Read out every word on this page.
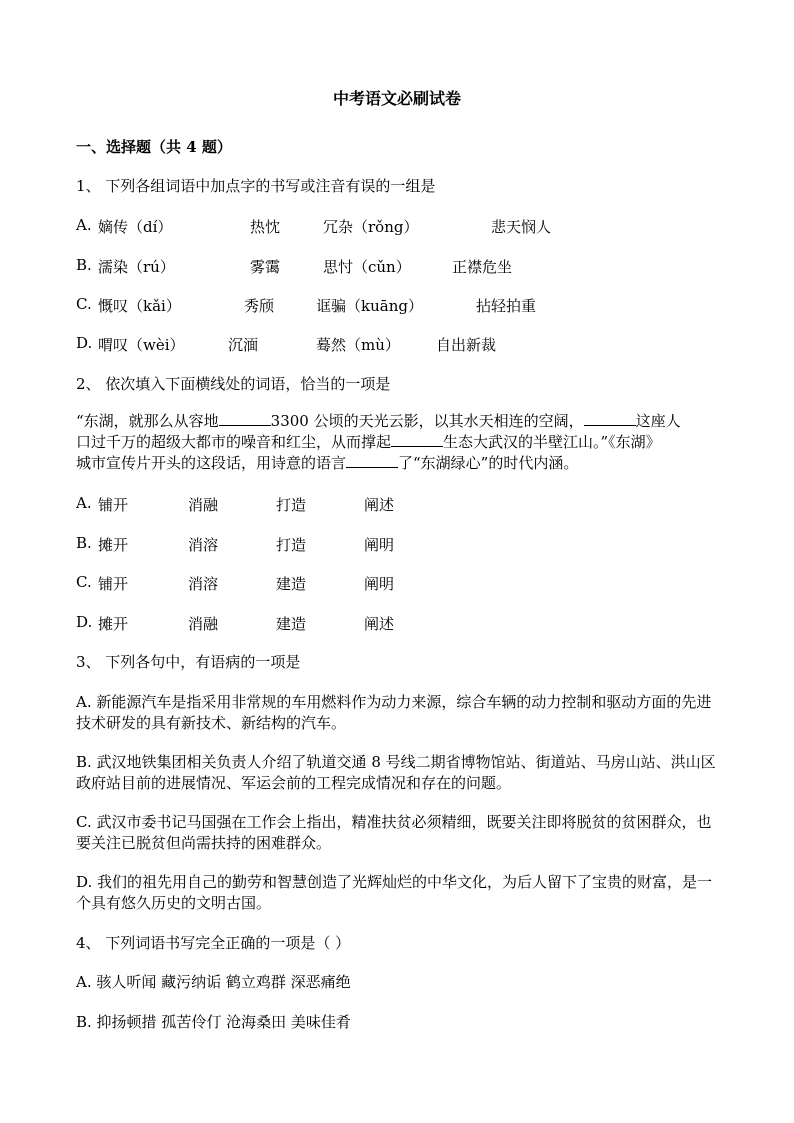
中考语文必刷试卷
一、选择题（共 4 题）
1、 下列各组词语中加点字的书写或注音有误的一组是
A. 嫡传（dí）	热忱	冗杂（rǒng）	悲天悯人
B. 濡染（rú）	雾霭	思忖（cǔn）	正襟危坐
C. 慨叹（kǎi）	秀颀	诓骗（kuāng）	拈轻拍重
D. 喟叹（wèi）	沉湎	蓦然（mù） 自出新裁
2、 依次填入下面横线处的词语，恰当的一项是
“东湖，就那么从容地	3300 公顷的天光云影，以其水天相连的空阔，	这座人
口过千万的超级大都市的噪音和红尘，从而撑起	生态大武汉的半壁江山。”《东湖》
城市宣传片开头的这段话，用诗意的语言	了“东湖绿心”的时代内涵。
A. 铺开	消融	打造	阐述
B. 摊开	消溶	打造	阐明
C. 铺开	消溶	建造	阐明
D. 摊开	消融	建造	阐述
3、 下列各句中，有语病的一项是
A. 新能源汽车是指采用非常规的车用燃料作为动力来源，综合车辆的动力控制和驱动方面的先进技术研发的具有新技术、新结构的汽车。
B. 武汉地铁集团相关负责人介绍了轨道交通 8 号线二期省博物馆站、街道站、马房山站、洪山区政府站目前的进展情况、军运会前的工程完成情况和存在的问题。
C. 武汉市委书记马国强在工作会上指出，精准扶贫必须精细，既要关注即将脱贫的贫困群众，也要关注已脱贫但尚需扶持的困难群众。
D. 我们的祖先用自己的勤劳和智慧创造了光辉灿烂的中华文化，为后人留下了宝贵的财富，是一个具有悠久历史的文明古国。
4、 下列词语书写完全正确的一项是（ ）
A. 骇人听闻 藏污纳诟 鹤立鸡群 深恶痛绝
B. 抑扬顿措 孤苦伶仃 沧海桑田 美味佳肴
